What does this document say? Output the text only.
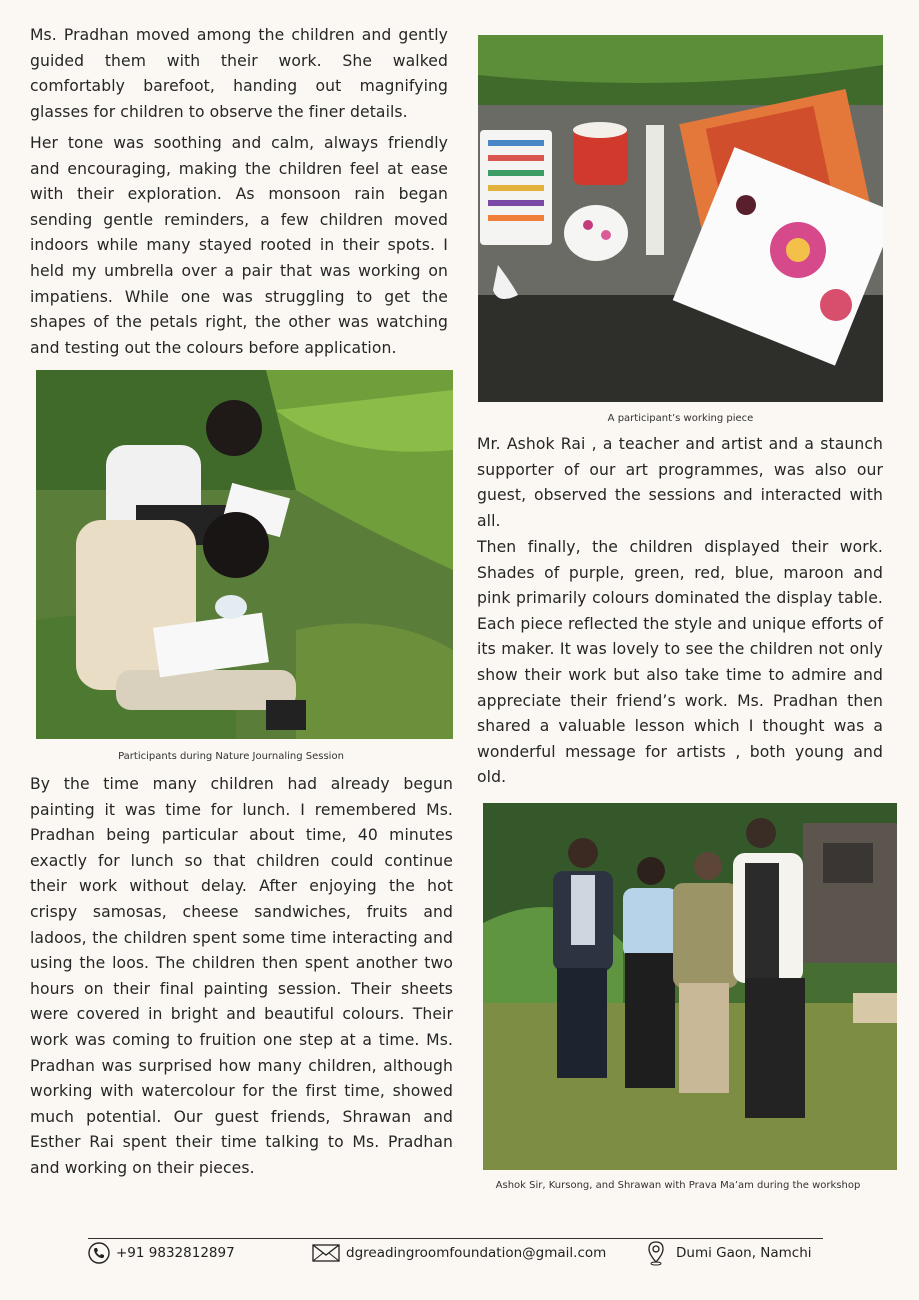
Ms. Pradhan moved among the children and gently guided them with their work. She walked comfortably barefoot, handing out magnifying glasses for children to observe the finer details.

Her tone was soothing and calm, always friendly and encouraging, making the children feel at ease with their exploration. As monsoon rain began sending gentle reminders, a few children moved indoors while many stayed rooted in their spots. I held my umbrella over a pair that was working on impatiens. While one was struggling to get the shapes of the petals right, the other was watching and testing out the colours before application.

Participants during Nature Journaling Session

By the time many children had already begun painting it was time for lunch. I remembered Ms. Pradhan being particular about time, 40 minutes exactly for lunch so that children could continue their work without delay. After enjoying the hot crispy samosas, cheese sandwiches, fruits and ladoos, the children spent some time interacting and using the loos. The children then spent another two hours on their final painting session. Their sheets were covered in bright and beautiful colours. Their work was coming to fruition one step at a time. Ms. Pradhan was surprised how many children, although working with watercolour for the first time, showed much potential. Our guest friends, Shrawan and Esther Rai spent their time talking to Ms. Pradhan and working on their pieces.

A participant’s working piece

Mr. Ashok Rai , a teacher and artist and a staunch supporter of our art programmes, was also our guest, observed the sessions and interacted with all.

Then finally, the children displayed their work. Shades of purple, green, red, blue, maroon and pink primarily colours dominated the display table. Each piece reflected the style and unique efforts of its maker. It was lovely to see the children not only show their work but also take time to admire and appreciate their friend’s work. Ms. Pradhan then shared a valuable lesson which I thought was a wonderful message for artists , both young and old.

Ashok Sir, Kursong, and Shrawan with Prava Ma’am during the workshop

+91 9832812897	dgreadingroomfoundation@gmail.com	Dumi Gaon, Namchi
